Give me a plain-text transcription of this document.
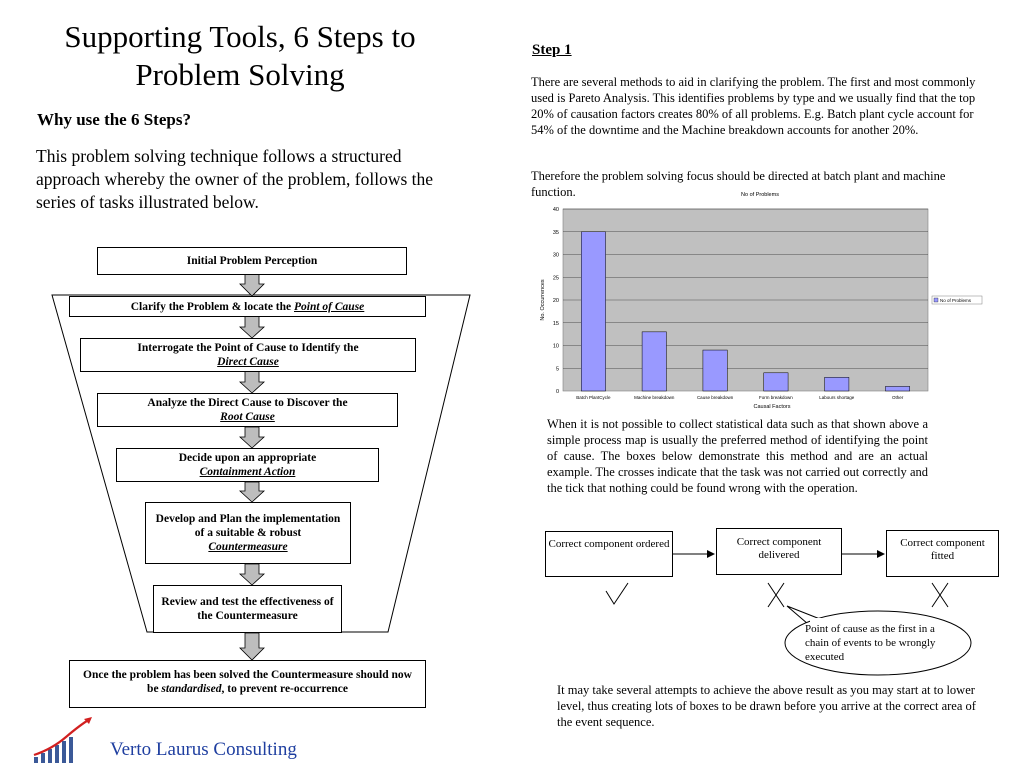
Supporting Tools, 6 Steps to Problem Solving
Why use the 6 Steps?
This problem solving technique follows a structured approach whereby the owner of the problem, follows the series of tasks illustrated below.
Initial Problem Perception
Clarify the Problem & locate the Point of Cause
Interrogate the Point of Cause to Identify the
Direct Cause
Analyze the Direct Cause to Discover the
Root Cause
Decide upon an appropriate
Containment Action
Develop and Plan the implementation of a suitable & robust
Countermeasure
Review and test the effectiveness of the Countermeasure
Once the problem has been solved the Countermeasure should now be standardised, to prevent re-occurrence
Step 1
There are several methods to aid in clarifying the problem. The first and most commonly used is Pareto Analysis. This identifies problems by type and we usually find that the top 20% of causation factors creates 80% of all problems. E.g. Batch plant cycle account for 54% of the downtime and the Machine breakdown accounts for another 20%.
Therefore the problem solving focus should be directed at batch plant and machine function.	No of Problems
0
5
10
15
20
25
30
35
40
Batch PlantCycle	Machine breakdown	Cause breakdown	Form breakdown	Labours shortage	Other
Causal Factors
No. Occurrences	No of Problems
When it is not possible to collect statistical data such as that shown above a simple process map is usually the preferred method of identifying the point of cause. The boxes below demonstrate this method and are an actual example. The crosses indicate that the task was not carried out correctly and the tick that nothing could be found wrong with the operation.
Correct component ordered	Correct component delivered
Correct component fitted
Point of cause as the first in a chain of events to be wrongly executed
It may take several attempts to achieve the above result as you may start at to lower level, thus creating lots of boxes to be drawn before you arrive at the correct area of the event sequence.
Verto Laurus Consulting
